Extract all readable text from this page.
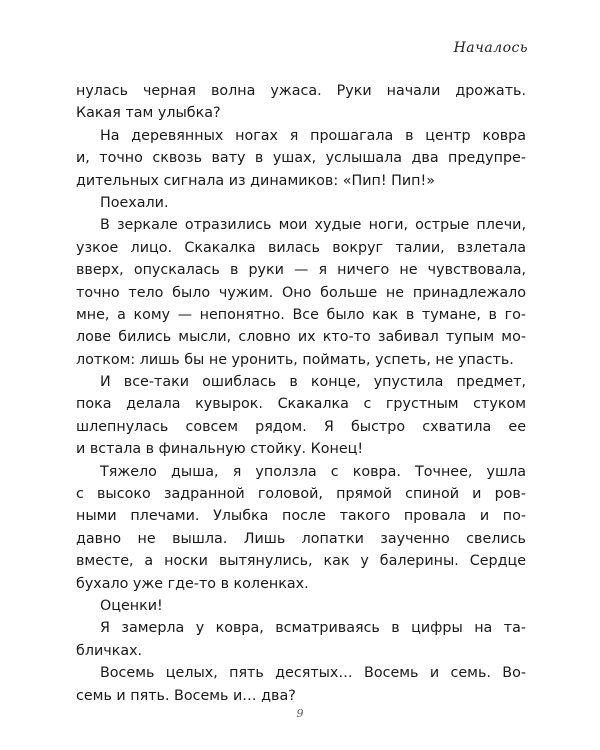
Началось
нулась черная волна ужаса. Руки начали дрожать.
Какая там улыбка?
На деревянных ногах я прошагала в центр ковра
и, точно сквозь вату в ушах, услышала два предупре-
дительных сигнала из динамиков: «Пип! Пип!»
Поехали.
В зеркале отразились мои худые ноги, острые плечи,
узкое лицо. Скакалка вилась вокруг талии, взлетала
вверх, опускалась в руки — я ничего не чувствовала,
точно тело было чужим. Оно больше не принадлежало
мне, а кому — непонятно. Все было как в тумане, в го-
лове бились мысли, словно их кто-то забивал тупым мо-
лотком: лишь бы не уронить, поймать, успеть, не упасть.
И все-таки ошиблась в конце, упустила предмет,
пока делала кувырок. Скакалка с грустным стуком
шлепнулась совсем рядом. Я быстро схватила ее
и встала в финальную стойку. Конец!
Тяжело дыша, я уползла с ковра. Точнее, ушла
с высоко задранной головой, прямой спиной и ров-
ными плечами. Улыбка после такого провала и по-
давно не вышла. Лишь лопатки заученно свелись
вместе, а носки вытянулись, как у балерины. Сердце
бухало уже где-то в коленках.
Оценки!
Я замерла у ковра, всматриваясь в цифры на та-
бличках.
Восемь целых, пять десятых… Восемь и семь. Во-
семь и пять. Восемь и… два?
9
